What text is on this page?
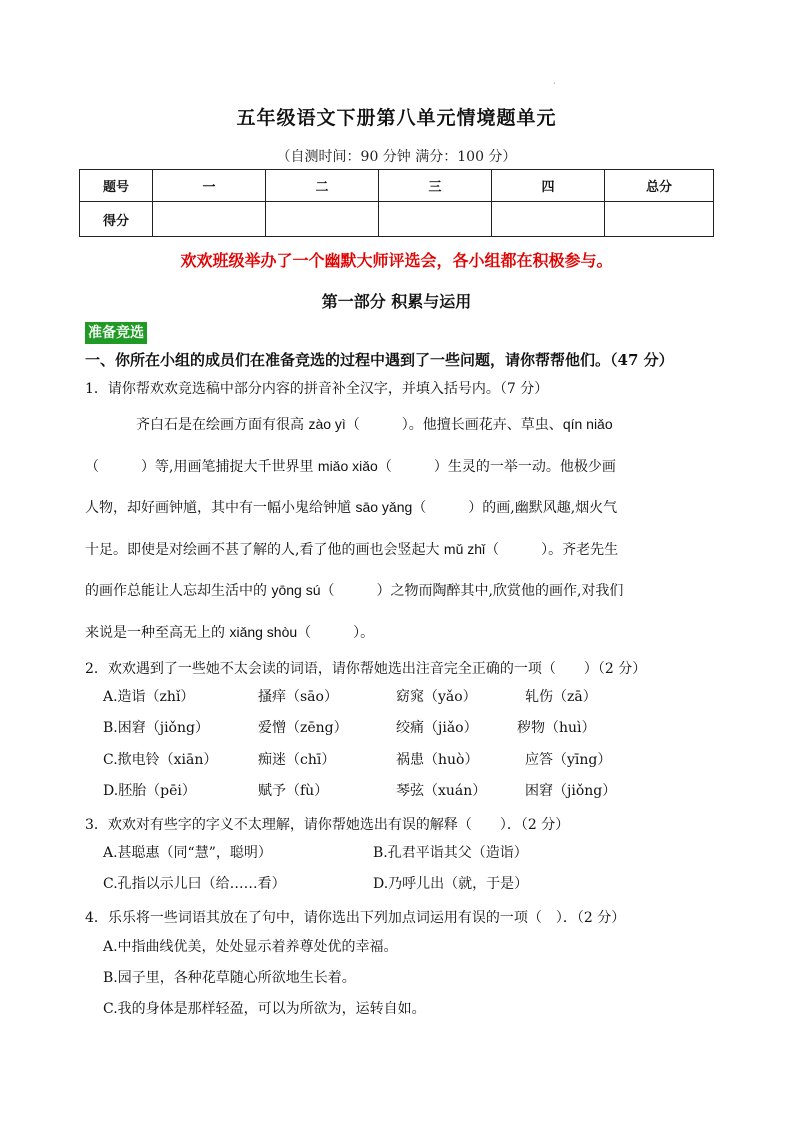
·
五年级语文下册第八单元情境题单元
（自测时间：90 分钟 满分：100 分）
题号	一	二	三	四	总分
得分					
欢欢班级举办了一个幽默大师评选会，各小组都在积极参与。
第一部分 积累与运用
准备竞选
一、你所在小组的成员们在准备竞选的过程中遇到了一些问题，请你帮帮他们。（47 分）
1．请你帮欢欢竞选稿中部分内容的拼音补全汉字，并填入括号内。（7 分）
齐白石是在绘画方面有很高 zào yì（　　　）。他擅长画花卉、草虫、qín niǎo
（　　　）等,用画笔捕捉大千世界里 miǎo xiǎo（　　　）生灵的一举一动。他极少画
人物，却好画钟馗，其中有一幅小鬼给钟馗 sāo yǎng（　　　）的画,幽默风趣,烟火气
十足。即使是对绘画不甚了解的人,看了他的画也会竖起大 mǔ zhǐ（　　　）。齐老先生
的画作总能让人忘却生活中的 yōng sú（　　　）之物而陶醉其中,欣赏他的画作,对我们
来说是一种至高无上的 xiǎng shòu（　　　）。
2．欢欢遇到了一些她不太会读的词语，请你帮她选出注音完全正确的一项（　　）（2 分）
A.造诣（zhǐ）	搔痒（sāo）	窈窕（yǎo）	轧伤（zā）
B.困窘（jiǒng）	爱憎（zēng）	绞痛（jiǎo）	秽物（huì）
C.揿电铃（xiān）	痴迷（chī）	祸患（huò）	应答（yīng）
D.胚胎（pēi）	赋予（fù）	琴弦（xuán）	困窘（jiǒng）
3．欢欢对有些字的字义不太理解，请你帮她选出有误的解释（　　）．（2 分）
A.甚聪惠（同“慧”，聪明）	B.孔君平诣其父（造诣）
C.孔指以示儿曰（给……看）	D.乃呼儿出（就，于是）
4．乐乐将一些词语其放在了句中，请你选出下列加点词运用有误的一项（　）．（2 分）
A.中指曲线优美，处处显示着养尊处优的幸福。
B.园子里，各种花草随心所欲地生长着。
C.我的身体是那样轻盈，可以为所欲为，运转自如。
